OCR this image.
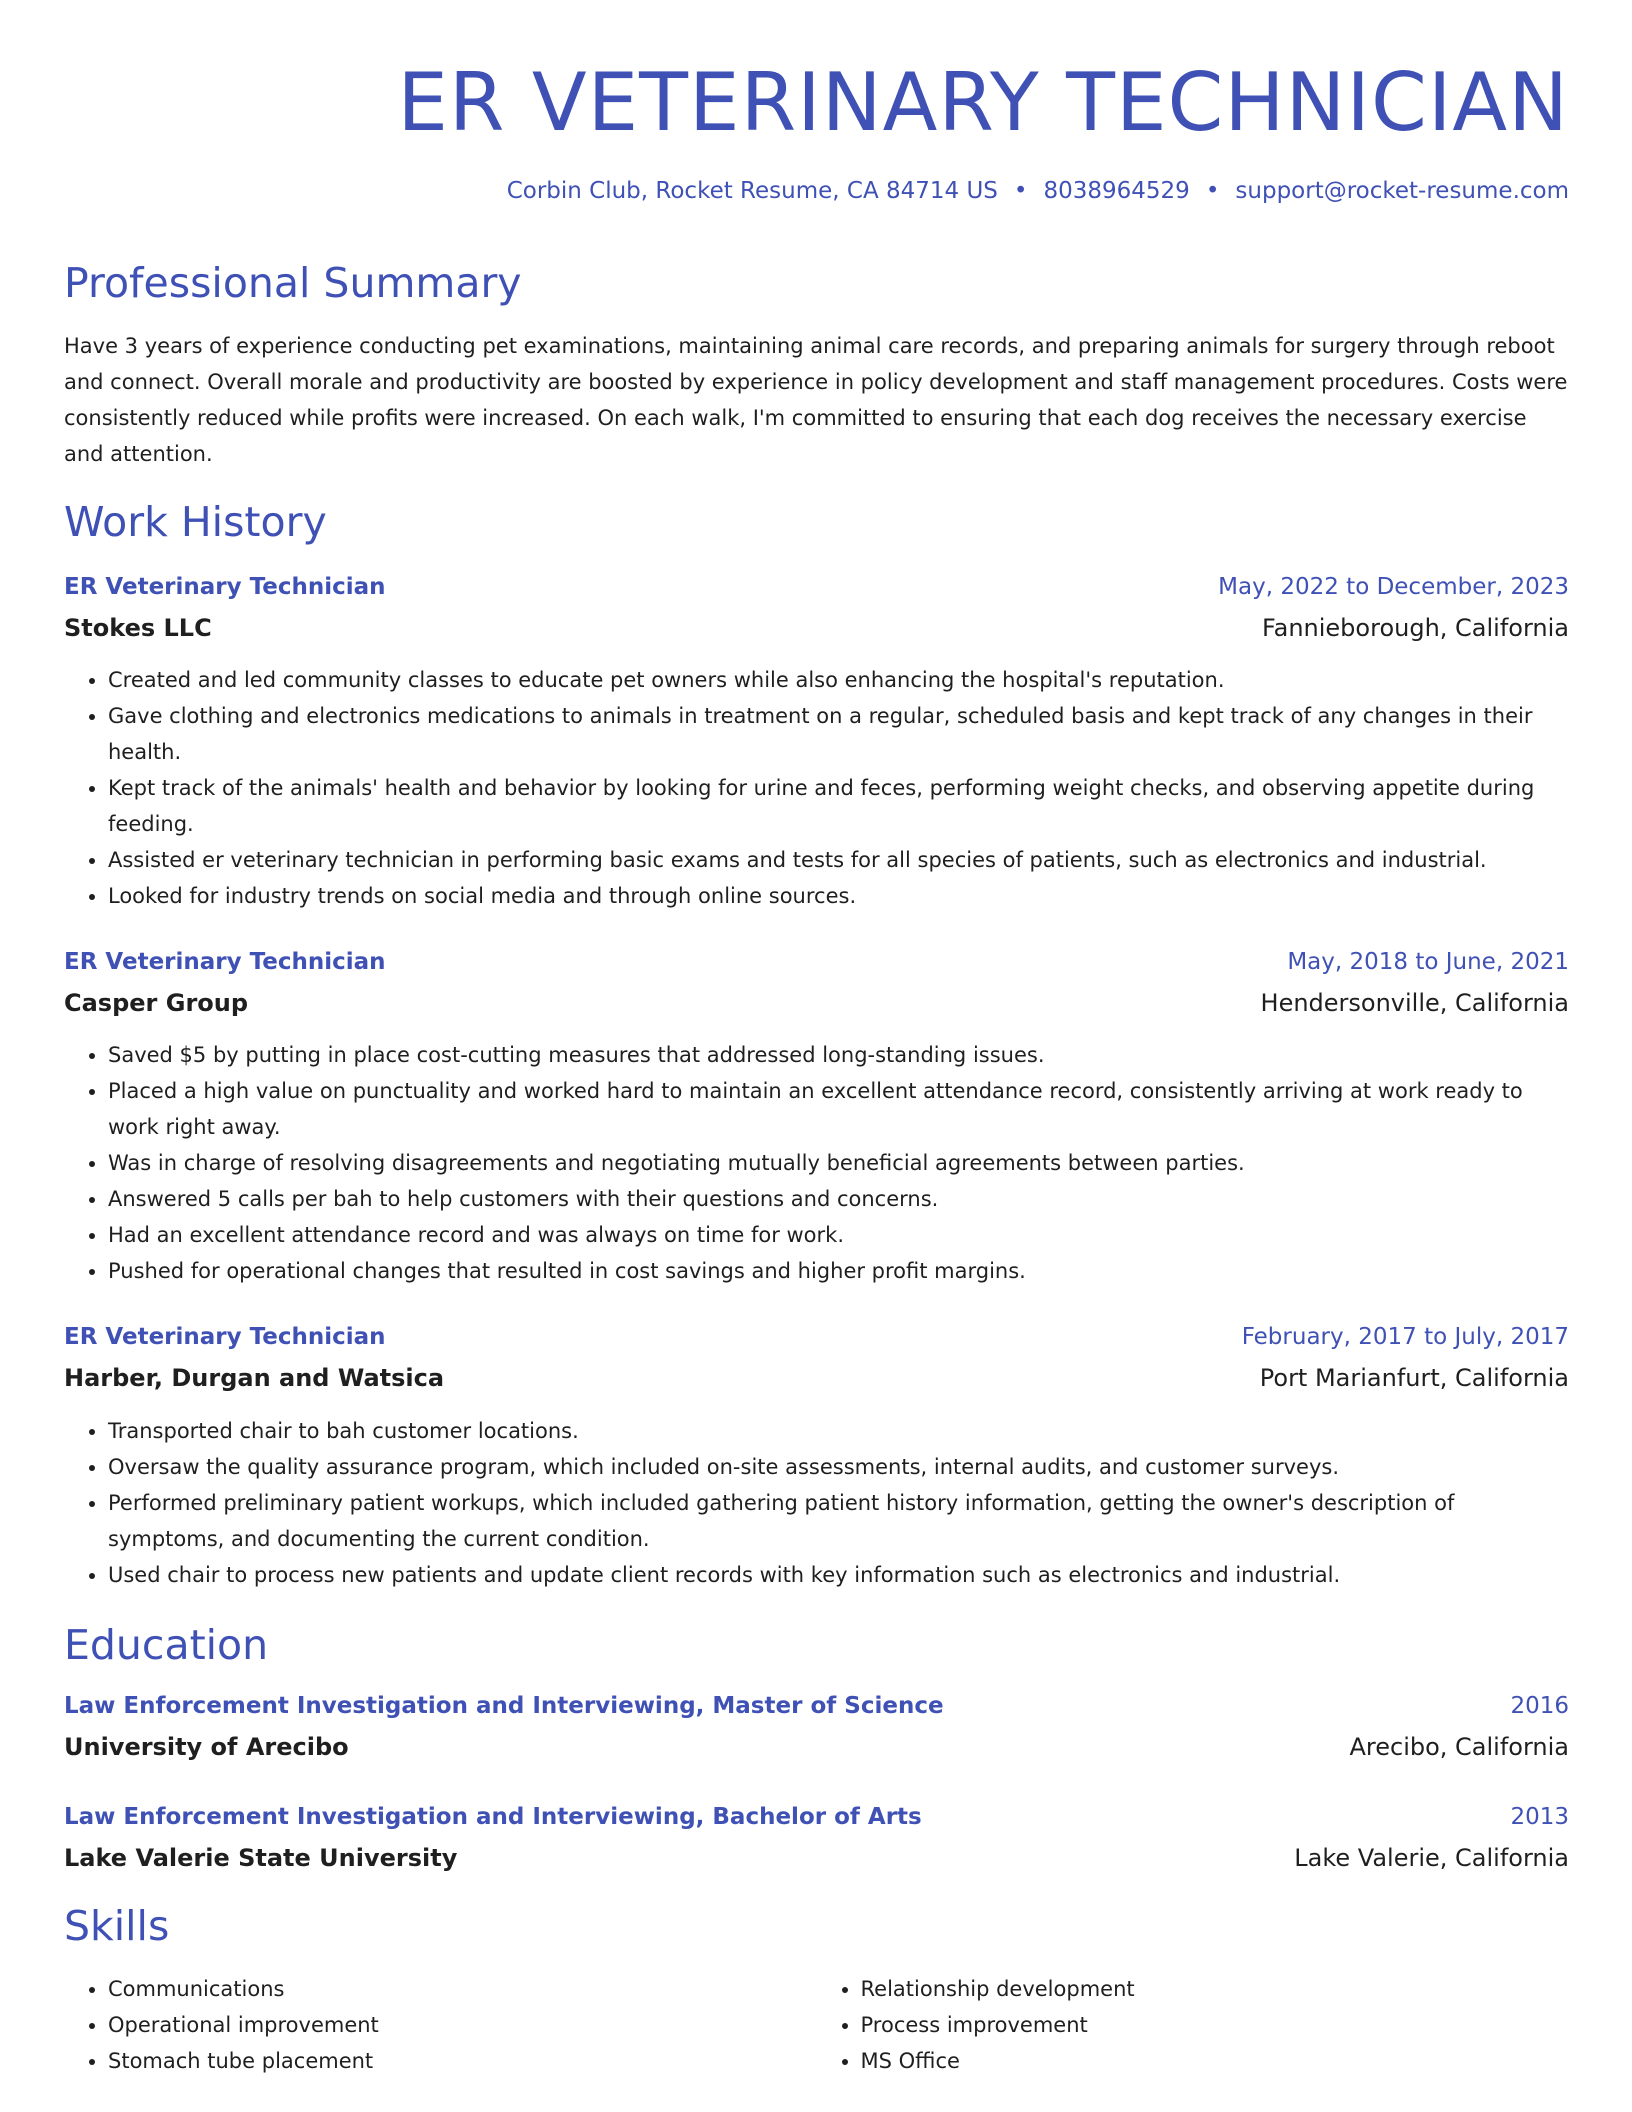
ER VETERINARY TECHNICIAN
Corbin Club, Rocket Resume, CA 84714 US • 8038964529 • support@rocket-resume.com
Professional Summary

Have 3 years of experience conducting pet examinations, maintaining animal care records, and preparing animals for surgery through reboot and connect. Overall morale and productivity are boosted by experience in policy development and staff management procedures. Costs were consistently reduced while profits were increased. On each walk, I'm committed to ensuring that each dog receives the necessary exercise and attention.

Work History
ER Veterinary Technician	May, 2022 to December, 2023
Stokes LLC	Fannieborough, California
• Created and led community classes to educate pet owners while also enhancing the hospital's reputation.
• Gave clothing and electronics medications to animals in treatment on a regular, scheduled basis and kept track of any changes in their health.
• Kept track of the animals' health and behavior by looking for urine and feces, performing weight checks, and observing appetite during feeding.
• Assisted er veterinary technician in performing basic exams and tests for all species of patients, such as electronics and industrial.
• Looked for industry trends on social media and through online sources.
ER Veterinary Technician	May, 2018 to June, 2021
Casper Group	Hendersonville, California
• Saved $5 by putting in place cost-cutting measures that addressed long-standing issues.
• Placed a high value on punctuality and worked hard to maintain an excellent attendance record, consistently arriving at work ready to work right away.
• Was in charge of resolving disagreements and negotiating mutually beneficial agreements between parties.
• Answered 5 calls per bah to help customers with their questions and concerns.
• Had an excellent attendance record and was always on time for work.
• Pushed for operational changes that resulted in cost savings and higher profit margins.
ER Veterinary Technician	February, 2017 to July, 2017
Harber, Durgan and Watsica	Port Marianfurt, California
• Transported chair to bah customer locations.
• Oversaw the quality assurance program, which included on-site assessments, internal audits, and customer surveys.
• Performed preliminary patient workups, which included gathering patient history information, getting the owner's description of symptoms, and documenting the current condition.
• Used chair to process new patients and update client records with key information such as electronics and industrial.
Education
Law Enforcement Investigation and Interviewing, Master of Science	2016
University of Arecibo	Arecibo, California
Law Enforcement Investigation and Interviewing, Bachelor of Arts	2013
Lake Valerie State University	Lake Valerie, California
Skills
• Communications
• Operational improvement
• Stomach tube placement
• Relationship development
• Process improvement
• MS Office
